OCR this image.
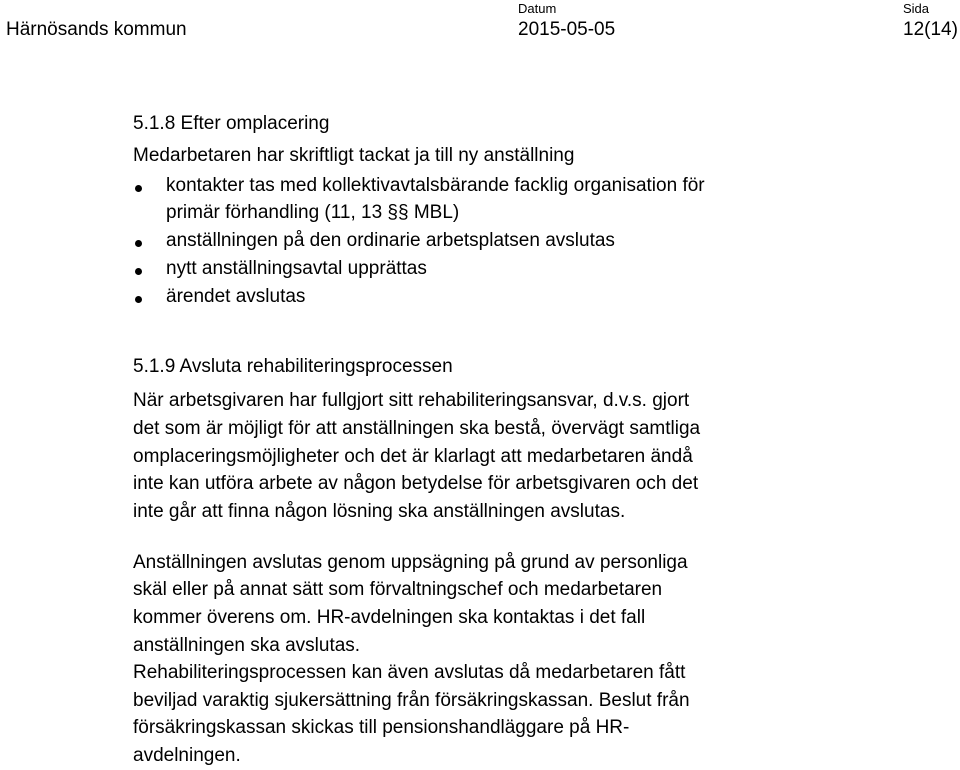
Härnösands kommun
Datum
2015-05-05
Sida
12(14)
5.1.8 Efter omplacering
Medarbetaren har skriftligt tackat ja till ny anställning
kontakter tas med kollektivavtalsbärande facklig organisation för
primär förhandling (11, 13 §§ MBL)
anställningen på den ordinarie arbetsplatsen avslutas
nytt anställningsavtal upprättas
ärendet avslutas
5.1.9 Avsluta rehabiliteringsprocessen
När arbetsgivaren har fullgjort sitt rehabiliteringsansvar, d.v.s. gjort
det som är möjligt för att anställningen ska bestå, övervägt samtliga
omplaceringsmöjligheter och det är klarlagt att medarbetaren ändå
inte kan utföra arbete av någon betydelse för arbetsgivaren och det
inte går att finna någon lösning ska anställningen avslutas.
Anställningen avslutas genom uppsägning på grund av personliga
skäl eller på annat sätt som förvaltningschef och medarbetaren
kommer överens om. HR-avdelningen ska kontaktas i det fall
anställningen ska avslutas.
Rehabiliteringsprocessen kan även avslutas då medarbetaren fått
beviljad varaktig sjukersättning från försäkringskassan. Beslut från
försäkringskassan skickas till pensionshandläggare på HR-
avdelningen.
